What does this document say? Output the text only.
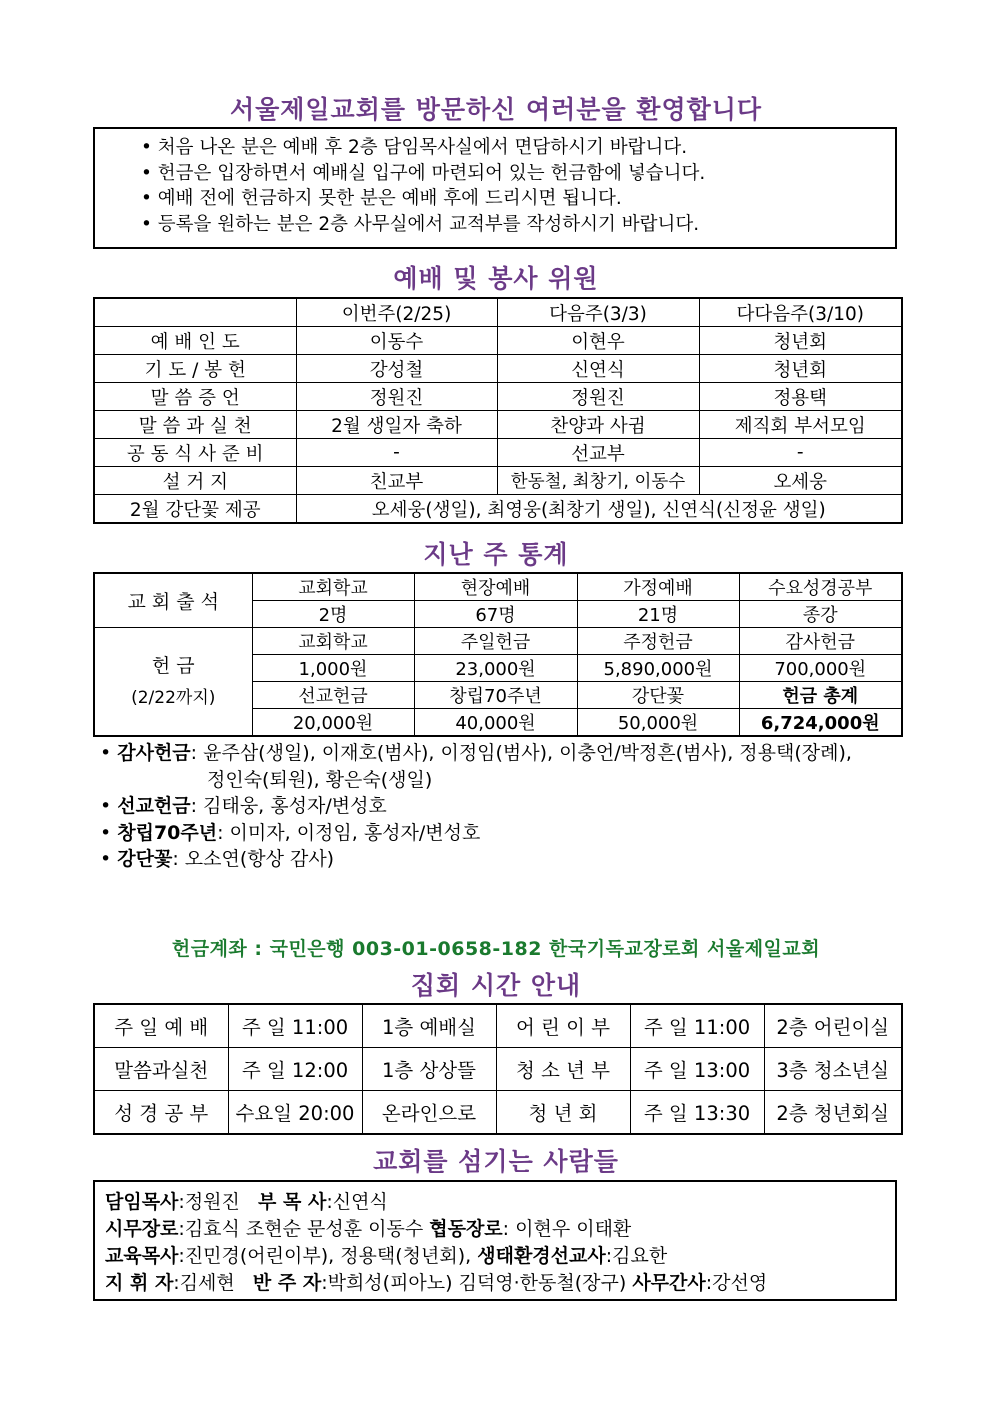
서울제일교회를 방문하신 여러분을 환영합니다
• 처음 나온 분은 예배 후 2층 담임목사실에서 면담하시기 바랍니다.
• 헌금은 입장하면서 예배실 입구에 마련되어 있는 헌금함에 넣습니다.
• 예배 전에 헌금하지 못한 분은 예배 후에 드리시면 됩니다.
• 등록을 원하는 분은 2층 사무실에서 교적부를 작성하시기 바랍니다.
예배 및 봉사 위원
	이번주(2/25)	다음주(3/3)	다다음주(3/10)
예 배 인 도	이동수	이현우	청년회
기 도 / 봉 헌	강성철	신연식	청년회
말 씀 증 언	정원진	정원진	정용택
말 씀 과 실 천	2월 생일자 축하	찬양과 사귐	제직회 부서모임
공 동 식 사 준 비	-	선교부	-
설 거 지	친교부	한동철, 최창기, 이동수	오세웅
2월 강단꽃 제공	오세웅(생일), 최영웅(최창기 생일), 신연식(신정윤 생일)		
지난 주 통계
교 회 출 석	교회학교	현장예배	가정예배	수요성경공부
	2명	67명	21명	종강

헌 금
(2/22까지)	교회학교	주일헌금	주정헌금	감사헌금
	1,000원	23,000원	5,890,000원	700,000원
	선교헌금	창립70주년	강단꽃	헌금 총계
	20,000원	40,000원	50,000원	6,724,000원
• 감사헌금: 윤주삼(생일), 이재호(범사), 이정임(범사), 이충언/박정흔(범사), 정용택(장례),
정인숙(퇴원), 황은숙(생일)
• 선교헌금: 김태웅, 홍성자/변성호
• 창립70주년: 이미자, 이정임, 홍성자/변성호
• 강단꽃: 오소연(항상 감사)
헌금계좌 : 국민은행 003-01-0658-182 한국기독교장로회 서울제일교회
집회 시간 안내
주 일 예 배	주 일 11:00	1층 예배실	어 린 이 부	주 일 11:00	2층 어린이실
말씀과실천	주 일 12:00	1층 상상뜰	청 소 년 부	주 일 13:00	3층 청소년실
성 경 공 부	수요일 20:00	온라인으로	청 년 회	주 일 13:30	2층 청년회실
교회를 섬기는 사람들
담임목사:정원진 부 목 사:신연식
시무장로:김효식 조현순 문성훈 이동수 협동장로: 이현우 이태환
교육목사:진민경(어린이부), 정용택(청년회), 생태환경선교사:김요한
지 휘 자:김세현 반 주 자:박희성(피아노) 김덕영·한동철(장구) 사무간사:강선영
